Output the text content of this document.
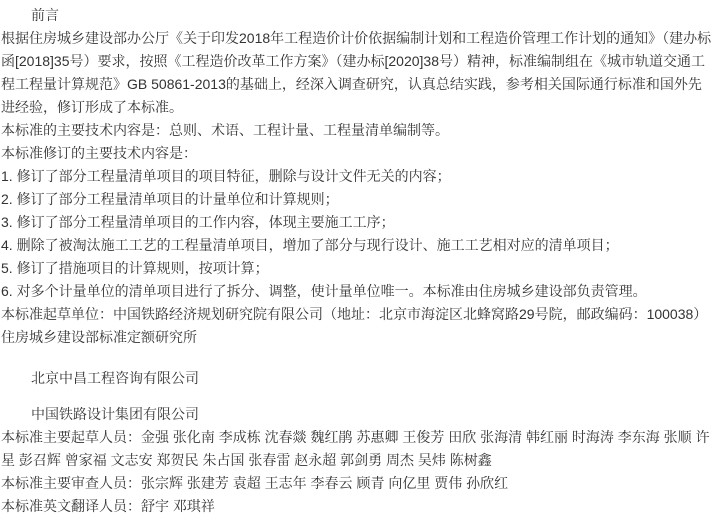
前言

根据住房城乡建设部办公厅《关于印发2018年工程造价计价依据编制计划和工程造价管理工作计划的通知》（建办标函[2018]35号）要求，按照《工程造价改革工作方案》（建办标[2020]38号）精神，标准编制组在《城市轨道交通工程工程量计算规范》GB 50861-2013的基础上，经深入调查研究，认真总结实践，参考相关国际通行标准和国外先进经验，修订形成了本标准。

本标准的主要技术内容是：总则、术语、工程计量、工程量清单编制等。

本标准修订的主要技术内容是：

1. 修订了部分工程量清单项目的项目特征，删除与设计文件无关的内容；

2. 修订了部分工程量清单项目的计量单位和计算规则；

3. 修订了部分工程量清单项目的工作内容，体现主要施工工序；

4. 删除了被淘汰施工工艺的工程量清单项目，增加了部分与现行设计、施工工艺相对应的清单项目；

5. 修订了措施项目的计算规则，按项计算；

6. 对多个计量单位的清单项目进行了拆分、调整，使计量单位唯一。本标准由住房城乡建设部负责管理。

本标准起草单位：中国铁路经济规划研究院有限公司（地址：北京市海淀区北蜂窝路29号院，邮政编码：100038）

住房城乡建设部标准定额研究所

北京中昌工程咨询有限公司

中国铁路设计集团有限公司

本标准主要起草人员：金强 张化南 李成栋 沈春燚 魏红鹃 苏惠卿 王俊芳 田欣 张海清 韩红丽 时海涛 李东海 张顺 许星 彭召辉 曾家福 文志安 郑贺民 朱占国 张春雷 赵永超 郭剑勇 周杰 吴炜 陈树鑫

本标准主要审查人员：张宗辉 张建芳 袁超 王志年 李春云 顾青 向亿里 贾伟 孙欣红

本标准英文翻译人员：舒宇 邓琪祥
